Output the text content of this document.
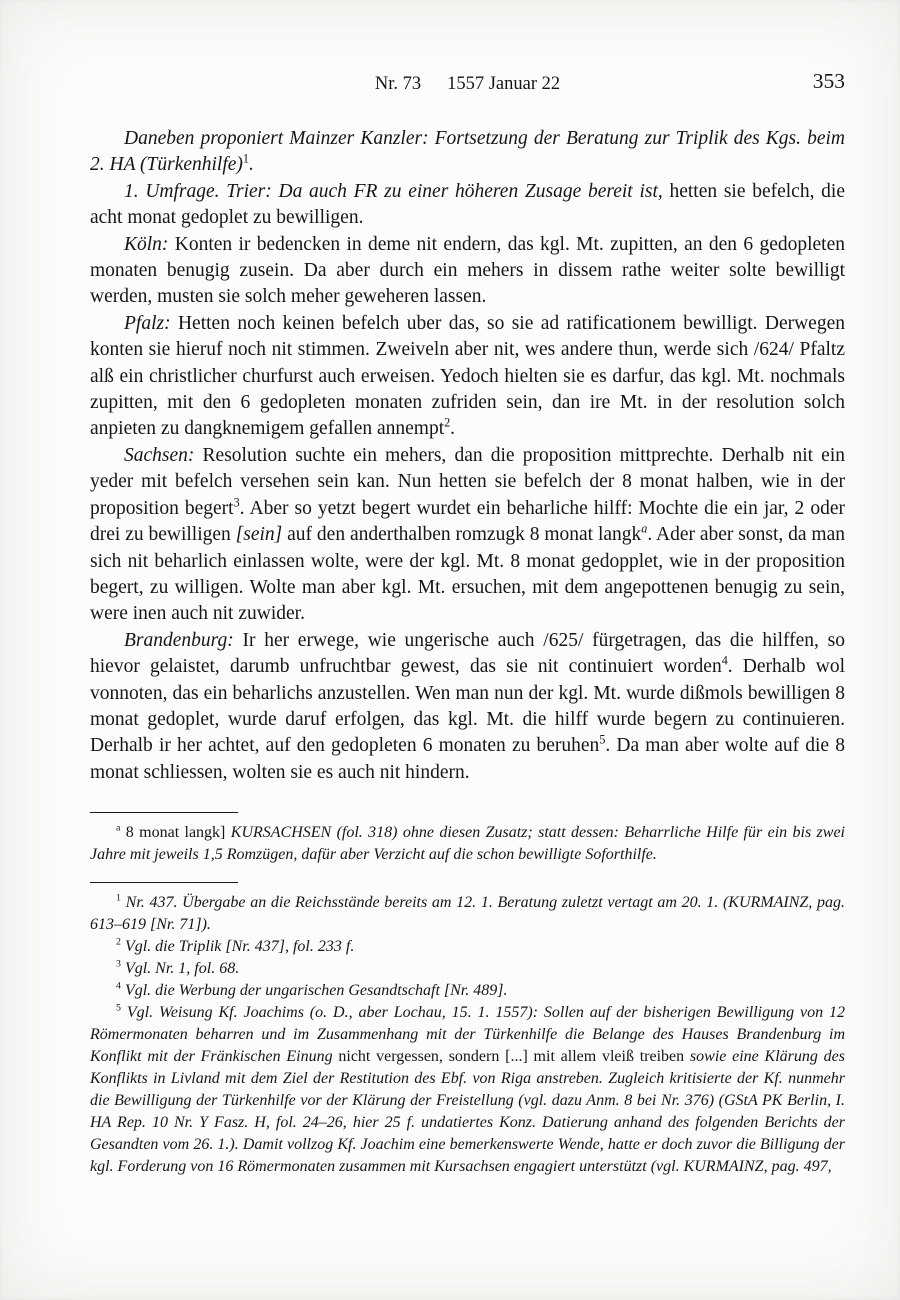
Nr. 73 1557 Januar 22	353

Daneben proponiert Mainzer Kanzler: Fortsetzung der Beratung zur Triplik des Kgs. beim 2. HA (Türkenhilfe)$^1$.

1. Umfrage. Trier: Da auch FR zu einer höheren Zusage bereit ist, hetten sie befelch, die acht monat gedoplet zu bewilligen.

Köln: Konten ir bedencken in deme nit endern, das kgl. Mt. zupitten, an den 6 gedopleten monaten benugig zusein. Da aber durch ein mehers in dissem rathe weiter solte bewilligt werden, musten sie solch meher geweheren lassen.

Pfalz: Hetten noch keinen befelch uber das, so sie ad ratificationem bewilligt. Derwegen konten sie hieruf noch nit stimmen. Zweiveln aber nit, wes andere thun, werde sich /624/ Pfaltz alß ein christlicher churfurst auch erweisen. Yedoch hielten sie es darfur, das kgl. Mt. nochmals zupitten, mit den 6 gedopleten monaten zufriden sein, dan ire Mt. in der resolution solch anpieten zu dangknemigem gefallen annempt$^2$.

Sachsen: Resolution suchte ein mehers, dan die proposition mittprechte. Derhalb nit ein yeder mit befelch versehen sein kan. Nun hetten sie befelch der 8 monat halben, wie in der proposition begert$^3$. Aber so yetzt begert wurdet ein beharliche hilff: Mochte die ein jar, 2 oder drei zu bewilligen [sein] auf den anderthalben romzugk 8 monat langk$^a$. Ader aber sonst, da man sich nit beharlich einlassen wolte, were der kgl. Mt. 8 monat gedopplet, wie in der proposition begert, zu willigen. Wolte man aber kgl. Mt. ersuchen, mit dem angepottenen benugig zu sein, were inen auch nit zuwider.

Brandenburg: Ir her erwege, wie ungerische auch /625/ fürgetragen, das die hilffen, so hievor gelaistet, darumb unfruchtbar gewest, das sie nit continuiert worden$^4$. Derhalb wol vonnoten, das ein beharlichs anzustellen. Wen man nun der kgl. Mt. wurde dißmols bewilligen 8 monat gedoplet, wurde daruf erfolgen, das kgl. Mt. die hilff wurde begern zu continuieren. Derhalb ir her achtet, auf den gedopleten 6 monaten zu beruhen$^5$. Da man aber wolte auf die 8 monat schliessen, wolten sie es auch nit hindern.

$^a$ 8 monat langk] KURSACHSEN (fol. 318) ohne diesen Zusatz; statt dessen: Beharrliche Hilfe für ein bis zwei Jahre mit jeweils 1,5 Romzügen, dafür aber Verzicht auf die schon bewilligte Soforthilfe.

$^1$ Nr. 437. Übergabe an die Reichsstände bereits am 12. 1. Beratung zuletzt vertagt am 20. 1. (KURMAINZ, pag. 613–619 [Nr. 71]).

$^2$ Vgl. die Triplik [Nr. 437], fol. 233 f.

$^3$ Vgl. Nr. 1, fol. 68.

$^4$ Vgl. die Werbung der ungarischen Gesandtschaft [Nr. 489].

$^5$ Vgl. Weisung Kf. Joachims (o. D., aber Lochau, 15. 1. 1557): Sollen auf der bisherigen Bewilligung von 12 Römermonaten beharren und im Zusammenhang mit der Türkenhilfe die Belange des Hauses Brandenburg im Konflikt mit der Fränkischen Einung nicht vergessen, sondern [...] mit allem vleiß treiben sowie eine Klärung des Konflikts in Livland mit dem Ziel der Restitution des Ebf. von Riga anstreben. Zugleich kritisierte der Kf. nunmehr die Bewilligung der Türkenhilfe vor der Klärung der Freistellung (vgl. dazu Anm. 8 bei Nr. 376) (GStA PK Berlin, I. HA Rep. 10 Nr. Y Fasz. H, fol. 24–26, hier 25 f. undatiertes Konz. Datierung anhand des folgenden Berichts der Gesandten vom 26. 1.). Damit vollzog Kf. Joachim eine bemerkenswerte Wende, hatte er doch zuvor die Billigung der kgl. Forderung von 16 Römermonaten zusammen mit Kursachsen engagiert unterstützt (vgl. KURMAINZ, pag. 497,
